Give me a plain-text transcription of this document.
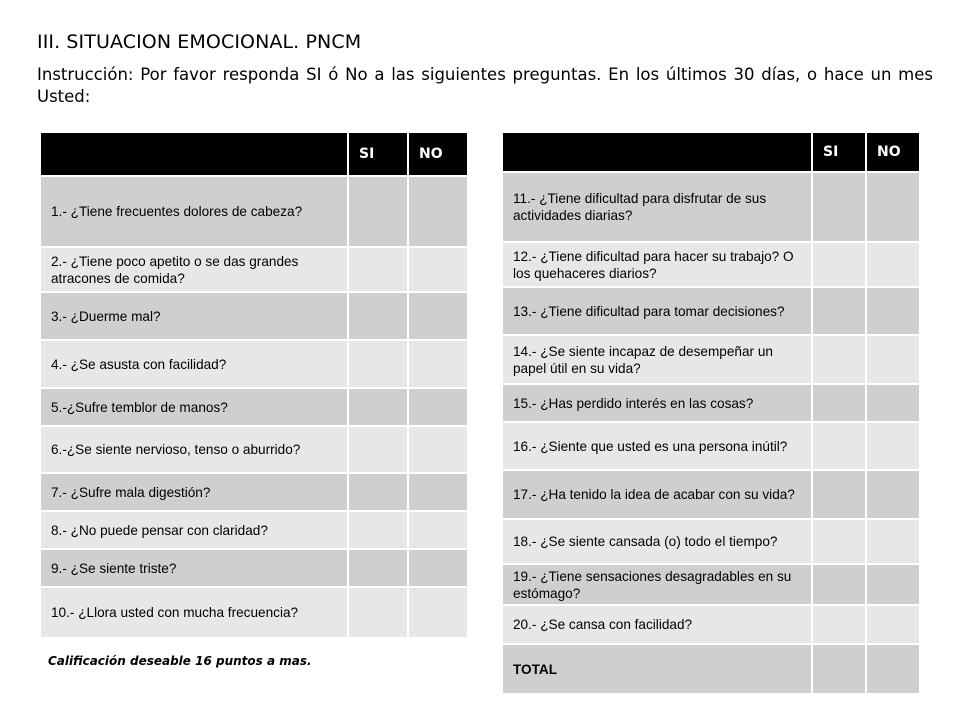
III. SITUACION EMOCIONAL. PNCM
Instrucción: Por favor responda SI ó No a las siguientes preguntas. En los últimos 30 días, o hace un mes Usted:
	SI	NO
1.- ¿Tiene frecuentes dolores de cabeza?		
2.- ¿Tiene poco apetito o se das grandes atracones de comida?		
3.- ¿Duerme mal?		
4.- ¿Se asusta con facilidad?		
5.-¿Sufre temblor de manos?		
6.-¿Se siente nervioso, tenso o aburrido?		
7.- ¿Sufre mala digestión?		
8.- ¿No puede pensar con claridad?		
9.- ¿Se siente triste?		
10.- ¿Llora usted con mucha frecuencia?		
	SI	NO
11.- ¿Tiene dificultad para disfrutar de sus actividades diarias?		
12.- ¿Tiene dificultad para hacer su trabajo? O los quehaceres diarios?		
13.- ¿Tiene dificultad para tomar decisiones?		
14.- ¿Se siente incapaz de desempeñar un papel útil en su vida?		
15.- ¿Has perdido interés en las cosas?		
16.- ¿Siente que usted es una persona inútil?		
17.- ¿Ha tenido la idea de acabar con su vida?		
18.- ¿Se siente cansada (o) todo el tiempo?		
19.- ¿Tiene sensaciones desagradables en su estómago?		
20.- ¿Se cansa con facilidad?		
TOTAL		
Calificación deseable 16 puntos a mas.
